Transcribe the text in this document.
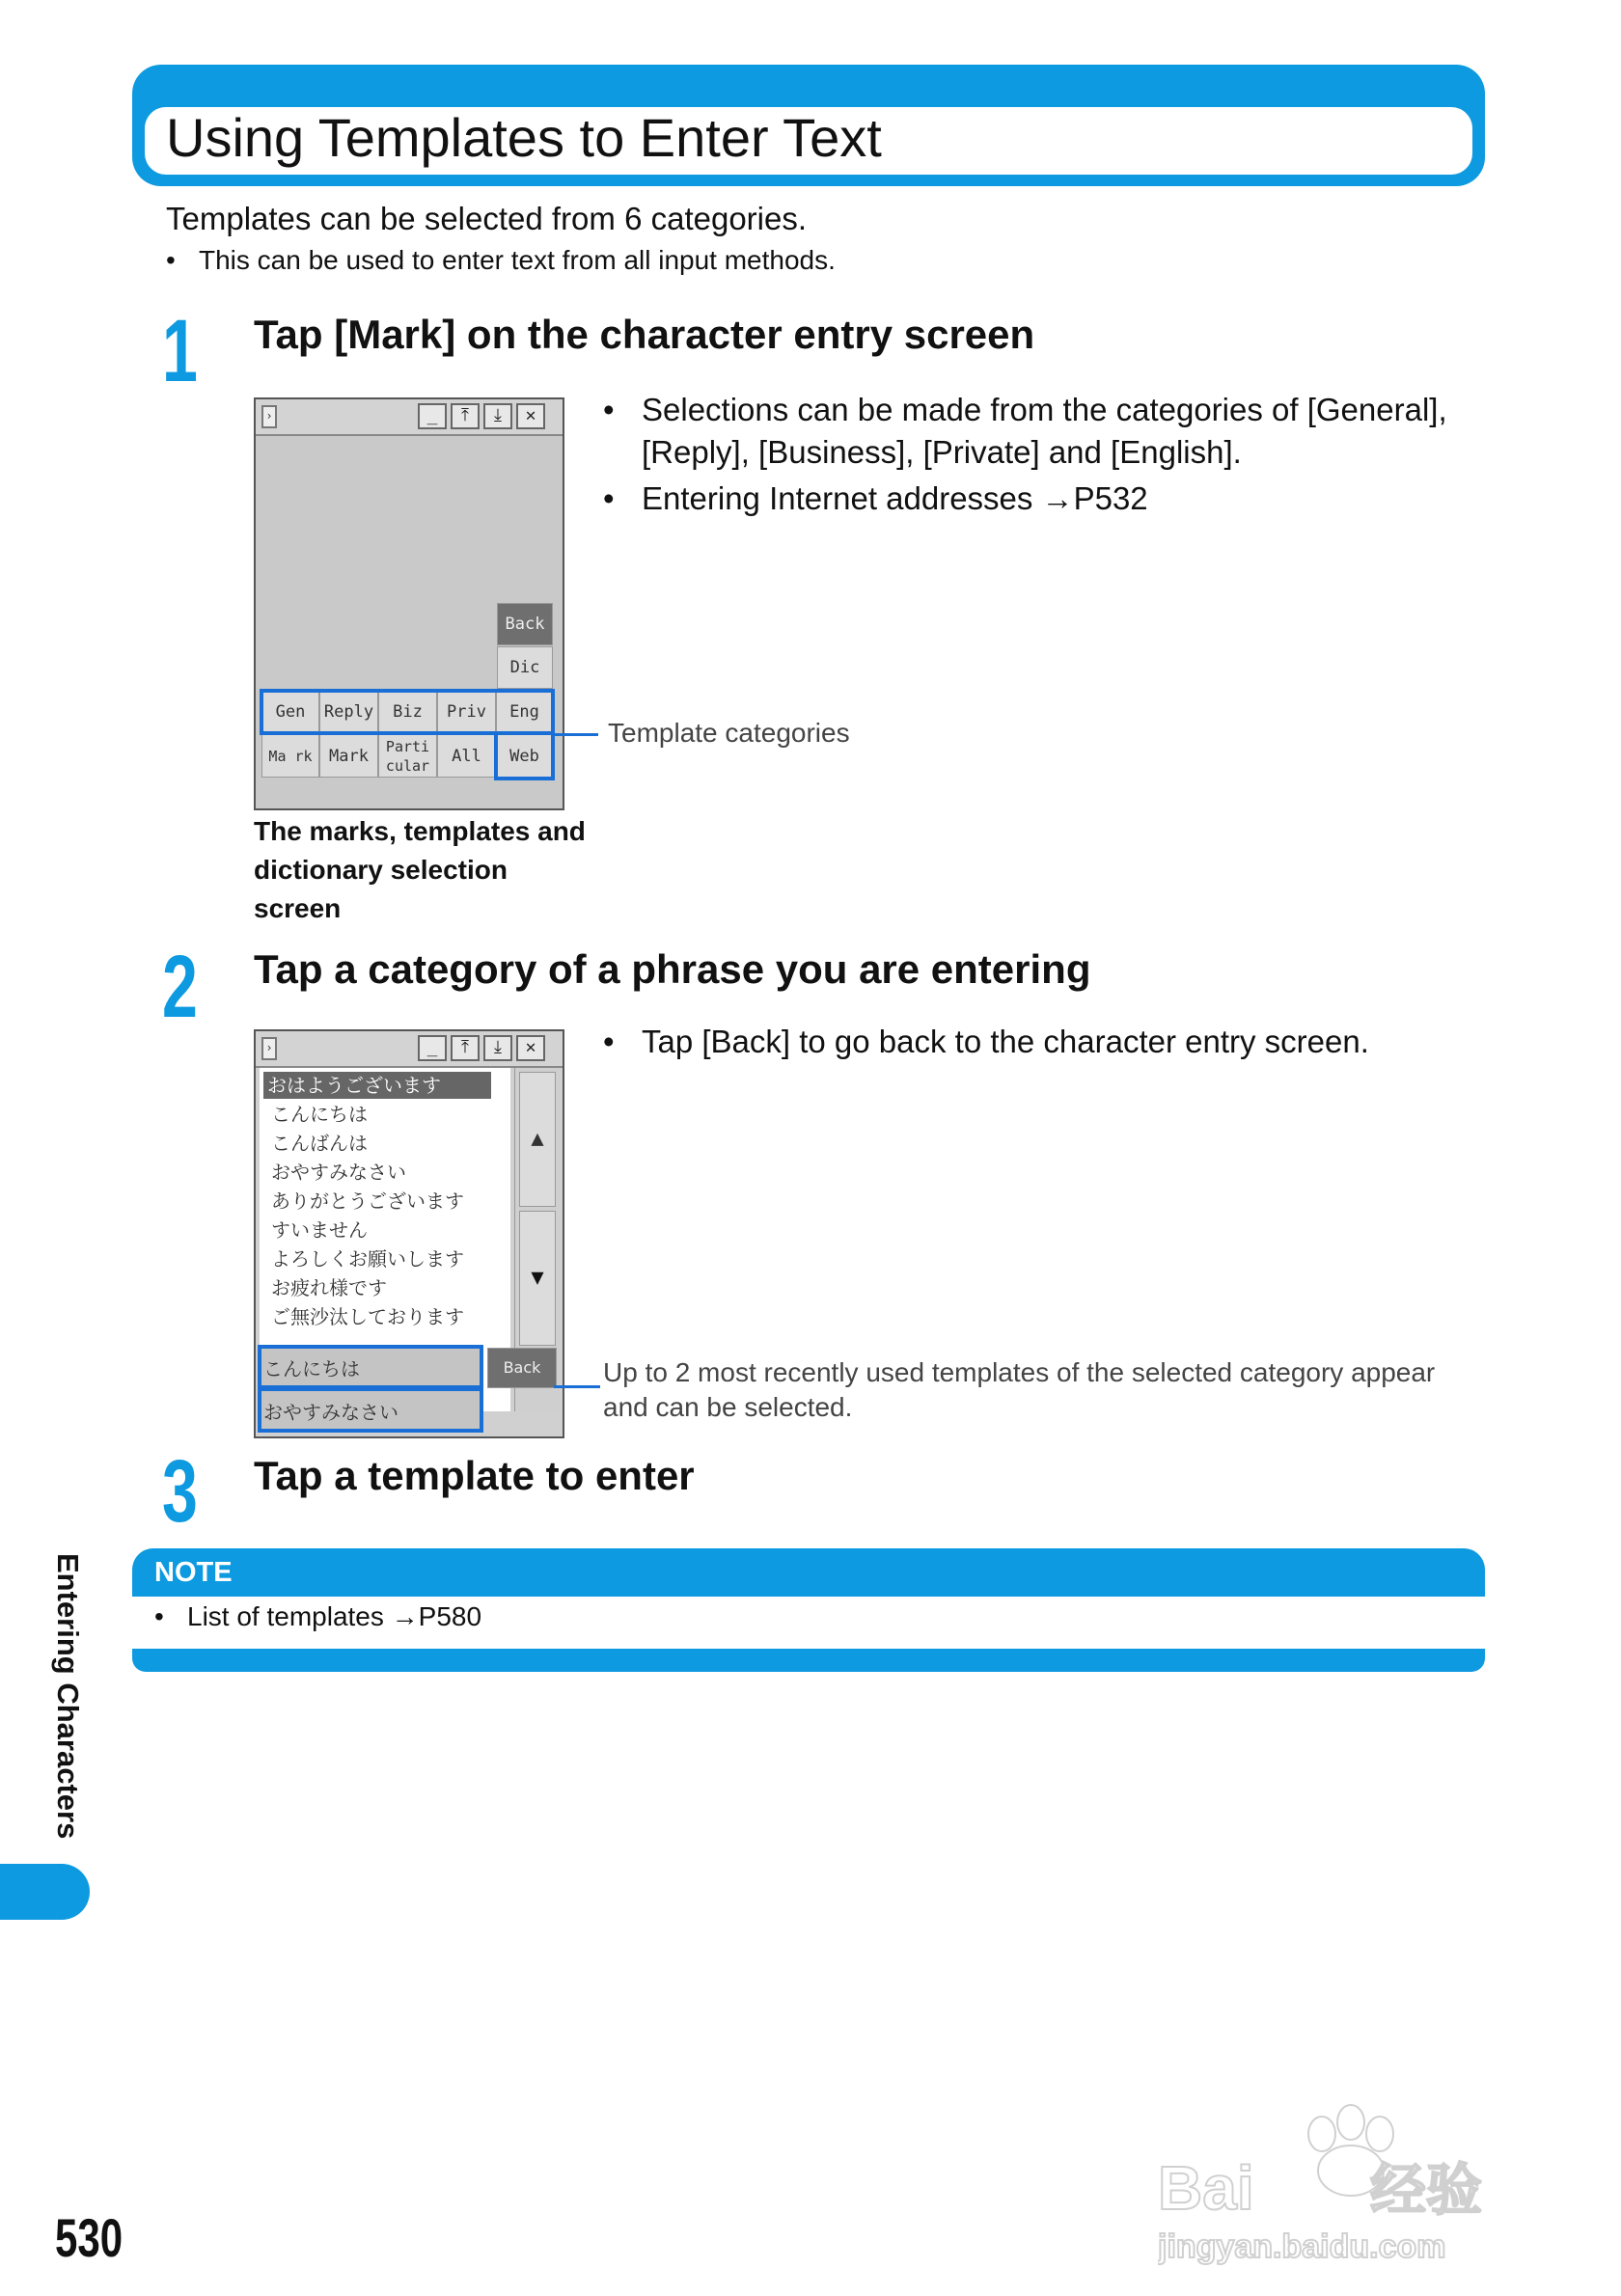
Using Templates to Enter Text
Templates can be selected from 6 categories.
• This can be used to enter text from all input methods.
1 Tap [Mark] on the character entry screen
›	_	⤒	⤓	✕
Back
Dic
Gen	Reply	Biz	Priv	Eng
Ma rk	Mark	Parti cular	All	Web
Template categories
The marks, templates and dictionary selection screen
• Selections can be made from the categories of [General], [Reply], [Business], [Private] and [English].
• Entering Internet addresses →P532
2 Tap a category of a phrase you are entering
›	_	⤒	⤓	✕
おはようございます
こんにちは
こんばんは
おやすみなさい
ありがとうございます
すいません
よろしくお願いします
お疲れ様です
ご無沙汰しております
▲
▼
こんにちは
おやすみなさい
Back	Up to 2 most recently used templates of the selected category appear and can be selected.
• Tap [Back] to go back to the character entry screen.
3 Tap a template to enter
NOTE
• List of templates →P580
Entering Characters
530
Bai 经验
jingyan.baidu.com
